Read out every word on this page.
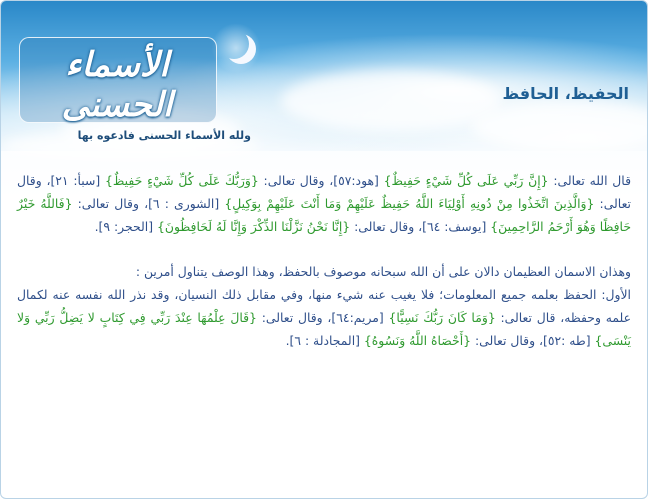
الأسماء الحسنى
ولله الأسماء الحسنى فادعوه بها
الحفيظ، الحافظ

قال الله تعالى: {إِنَّ رَبِّي عَلَى كُلِّ شَيْءٍ حَفِيظٌ} [هود:٥٧]، وقال تعالى: {وَرَبُّكَ عَلَى كُلِّ شَيْءٍ حَفِيظٌ} [سبأ: ٢١]، وقال تعالى: {وَالَّذِينَ اتَّخَذُوا مِنْ دُونِهِ أَوْلِيَاءَ اللَّهُ حَفِيظٌ عَلَيْهِمْ وَمَا أَنْتَ عَلَيْهِمْ بِوَكِيلٍ} [الشورى : ٦]، وقال تعالى: {فَاللَّهُ خَيْرٌ حَافِظًا وَهُوَ أَرْحَمُ الرَّاحِمِينَ} [يوسف: ٦٤]، وقال تعالى: {إِنَّا نَحْنُ نَزَّلْنَا الذِّكْرَ وَإِنَّا لَهُ لَحَافِظُونَ} [الحجر: ٩].

وهذان الاسمان العظيمان دالان على أن الله سبحانه موصوف بالحفظ، وهذا الوصف يتناول أمرين :

الأول: الحفظ بعلمه جميع المعلومات؛ فلا يغيب عنه شيء منها، وفي مقابل ذلك النسيان، وقد نذر الله نفسه عنه لكمال علمه وحفظه، قال تعالى: {وَمَا كَانَ رَبُّكَ نَسِيًّا} [مريم:٦٤]، وقال تعالى: {قَالَ عِلْمُهَا عِنْدَ رَبِّي فِي كِتَابٍ لا يَضِلُّ رَبِّي وَلا يَنْسَى} [طه :٥٢]، وقال تعالى: {أَحْصَاهُ اللَّهُ وَنَسُوهُ} [المجادلة : ٦].
